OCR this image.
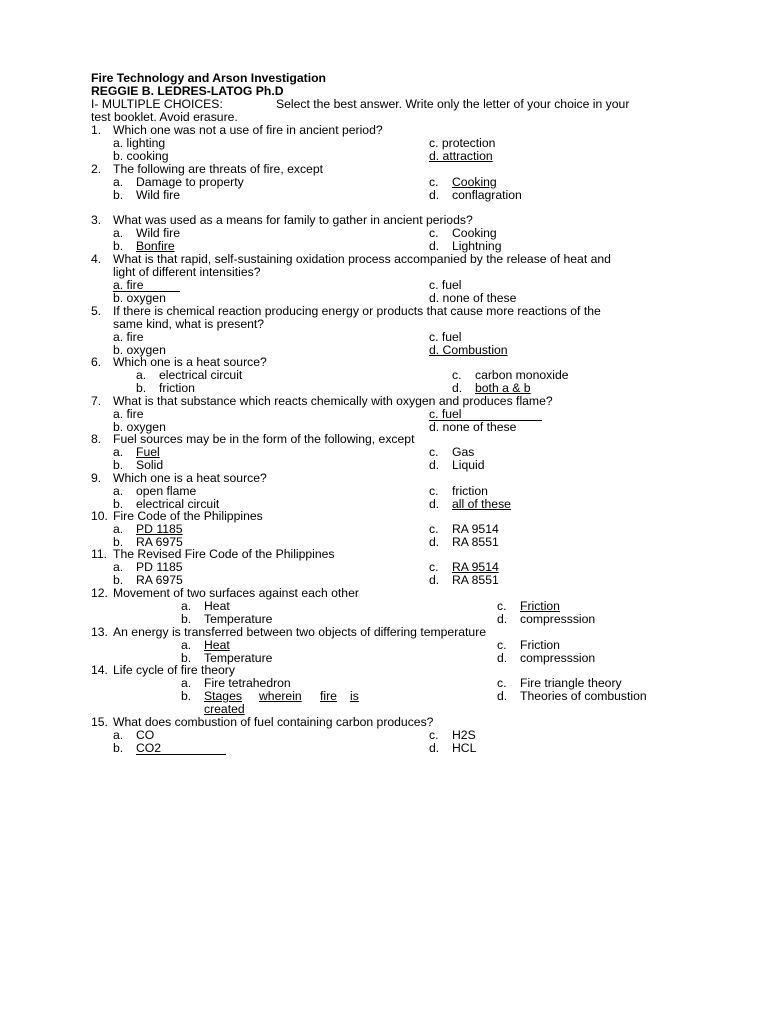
Fire Technology and Arson Investigation
REGGIE B. LEDRES-LATOG Ph.D
I- MULTIPLE CHOICES:	Select the best answer. Write only the letter of your choice in your
test booklet. Avoid erasure.
1. Which one was not a use of fire in ancient period?
a. lighting
b. cooking
c. protection
d. attraction
2. The following are threats of fire, except
a. Damage to property
b. Wild fire
c. Cooking
d. conflagration
3. What was used as a means for family to gather in ancient periods?
a. Wild fire
b. Bonfire
c. Cooking
d. Lightning
4. What is that rapid, self-sustaining oxidation process accompanied by the release of heat and
light of different intensities?
a. fire
b. oxygen
c. fuel
d. none of these
5. If there is chemical reaction producing energy or products that cause more reactions of the
same kind, what is present?
a. fire
b. oxygen
c. fuel
d. Combustion
6. Which one is a heat source?
a. electrical circuit
b. friction
c. carbon monoxide
d. both a & b
7. What is that substance which reacts chemically with oxygen and produces flame?
a. fire
b. oxygen
c. fuel
d. none of these
8. Fuel sources may be in the form of the following, except
a. Fuel
b. Solid
c. Gas
d. Liquid
9. Which one is a heat source?
a. open flame
b. electrical circuit
c. friction
d. all of these
10. Fire Code of the Philippines
a. PD 1185
b. RA 6975
c. RA 9514
d. RA 8551
11. The Revised Fire Code of the Philippines
a. PD 1185
b. RA 6975
c. RA 9514
d. RA 8551
12. Movement of two surfaces against each other
a. Heat
b. Temperature
c. Friction
d. compresssion
13. An energy is transferred between two objects of differing temperature
a. Heat
b. Temperature
c. Friction
d. compresssion
14. Life cycle of fire theory
a. Fire tetrahedron
b. Stages wherein fire is
created
c. Fire triangle theory
d. Theories of combustion
15. What does combustion of fuel containing carbon produces?
a. CO
b. CO2
c. H2S
d. HCL
